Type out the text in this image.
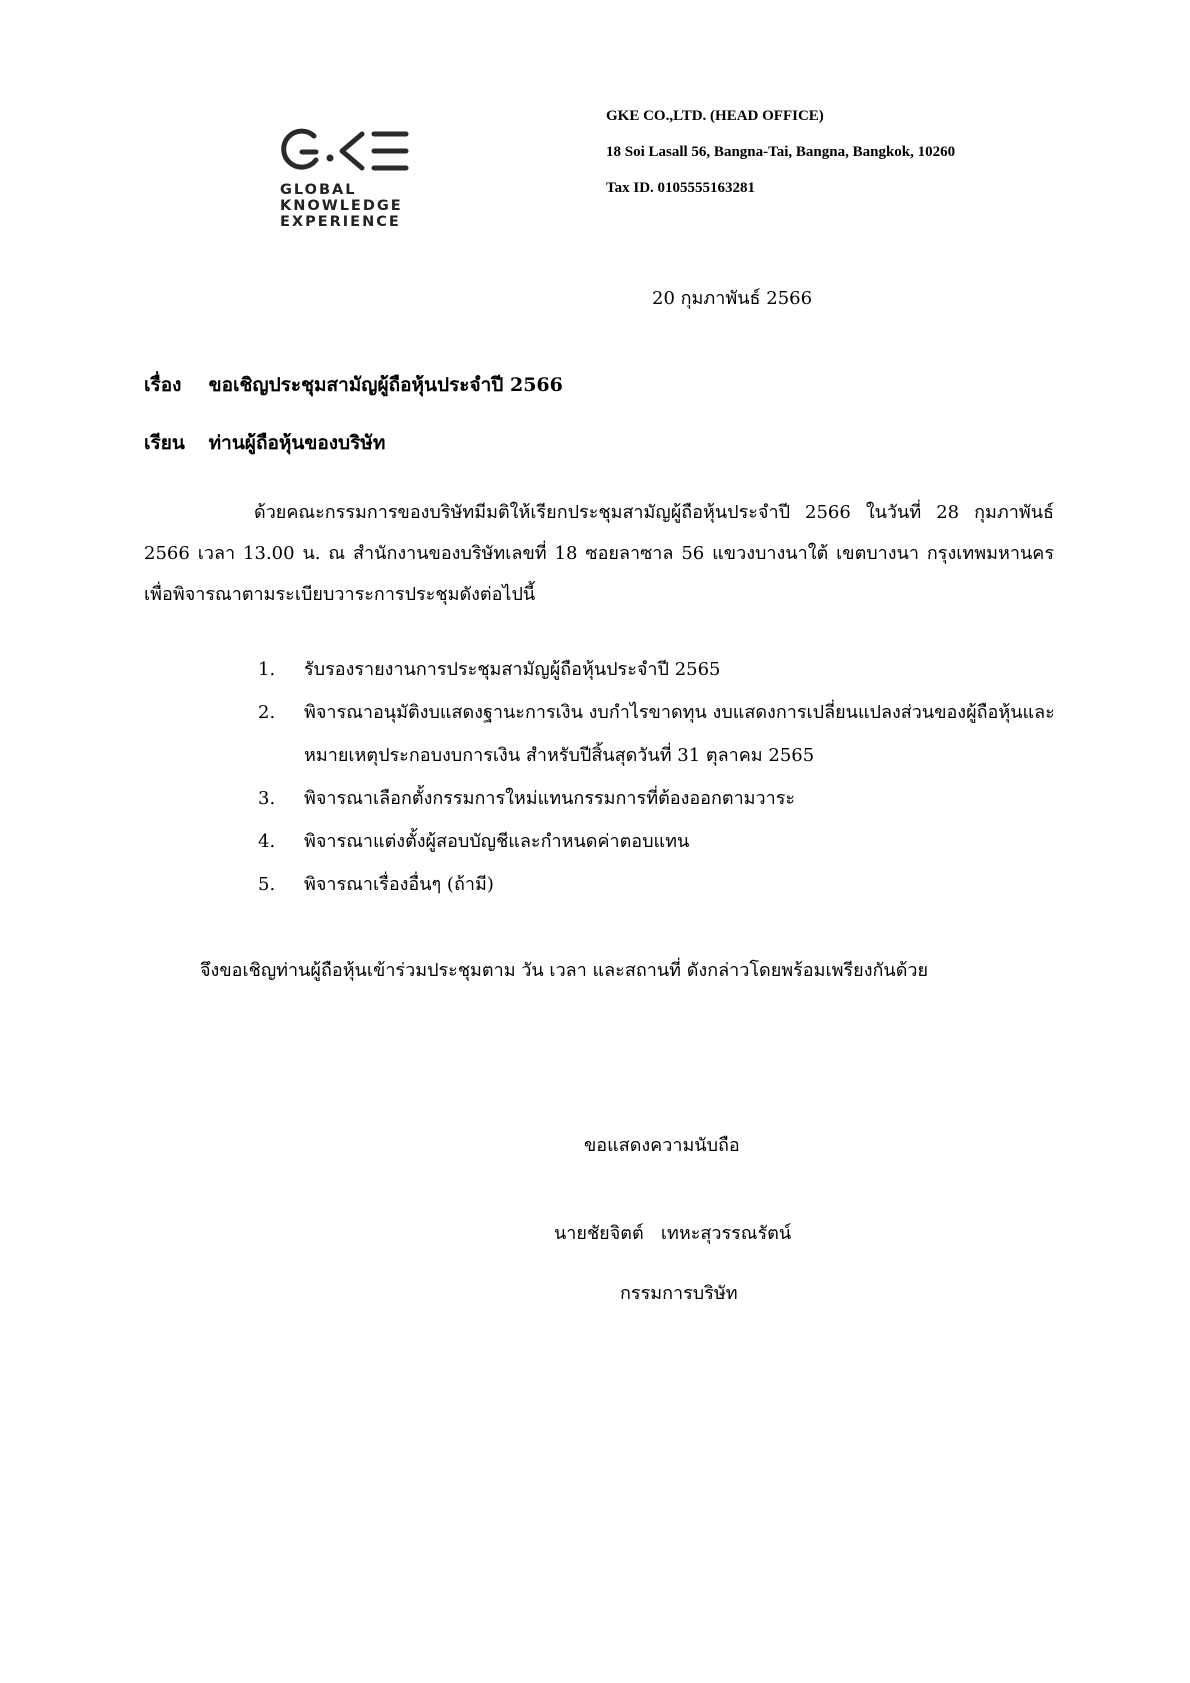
GLOBAL
KNOWLEDGE
EXPERIENCE
GKE CO.,LTD. (HEAD OFFICE)
18 Soi Lasall 56, Bangna-Tai, Bangna, Bangkok, 10260
Tax ID. 0105555163281
20 กุมภาพันธ์ 2566
เรื่อง ขอเชิญประชุมสามัญผู้ถือหุ้นประจำปี 2566
เรียน ท่านผู้ถือหุ้นของบริษัท
ด้วยคณะกรรมการของบริษัทมีมติให้เรียกประชุมสามัญผู้ถือหุ้นประจำปี 2566 ในวันที่ 28 กุมภาพันธ์ 2566 เวลา 13.00 น. ณ สำนักงานของบริษัทเลขที่ 18 ซอยลาซาล 56 แขวงบางนาใต้ เขตบางนา กรุงเทพมหานคร เพื่อพิจารณาตามระเบียบวาระการประชุมดังต่อไปนี้
1. รับรองรายงานการประชุมสามัญผู้ถือหุ้นประจำปี 2565
2. พิจารณาอนุมัติงบแสดงฐานะการเงิน งบกำไรขาดทุน งบแสดงการเปลี่ยนแปลงส่วนของผู้ถือหุ้นและหมายเหตุประกอบงบการเงิน สำหรับปีสิ้นสุดวันที่ 31 ตุลาคม 2565
3. พิจารณาเลือกตั้งกรรมการใหม่แทนกรรมการที่ต้องออกตามวาระ
4. พิจารณาแต่งตั้งผู้สอบบัญชีและกำหนดค่าตอบแทน
5. พิจารณาเรื่องอื่นๆ (ถ้ามี)
จึงขอเชิญท่านผู้ถือหุ้นเข้าร่วมประชุมตาม วัน เวลา และสถานที่ ดังกล่าวโดยพร้อมเพรียงกันด้วย
ขอแสดงความนับถือ
นายชัยจิตต์   เทหะสุวรรณรัตน์
กรรมการบริษัท
